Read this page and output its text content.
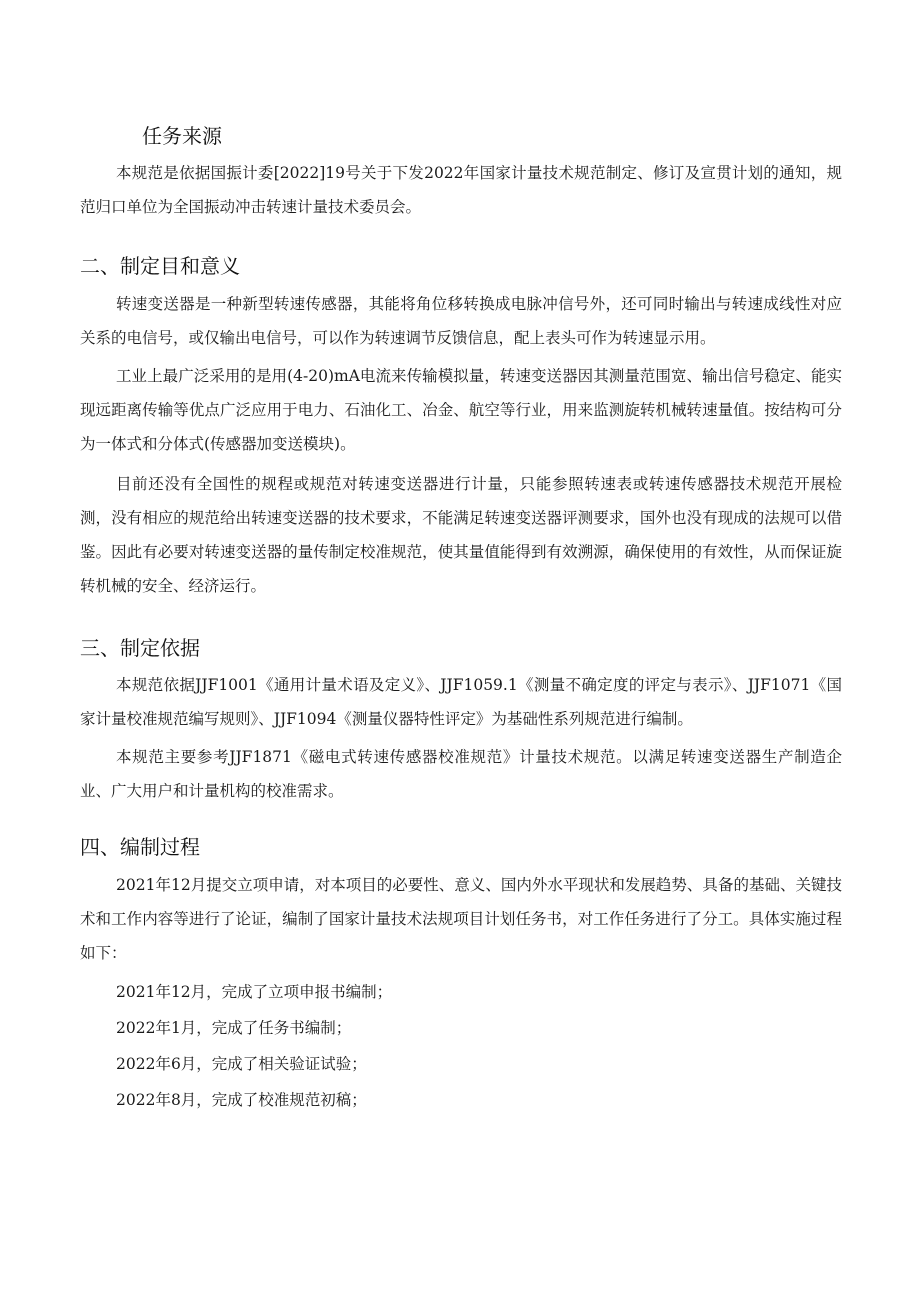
任务来源

本规范是依据国振计委[2022]19号关于下发2022年国家计量技术规范制定、修订及宣贯计划的通知，规范归口单位为全国振动冲击转速计量技术委员会。

二、制定目和意义

转速变送器是一种新型转速传感器，其能将角位移转换成电脉冲信号外，还可同时输出与转速成线性对应关系的电信号，或仅输出电信号，可以作为转速调节反馈信息，配上表头可作为转速显示用。

工业上最广泛采用的是用(4-20)mA电流来传输模拟量，转速变送器因其测量范围宽、输出信号稳定、能实现远距离传输等优点广泛应用于电力、石油化工、冶金、航空等行业，用来监测旋转机械转速量值。按结构可分为一体式和分体式(传感器加变送模块)。

目前还没有全国性的规程或规范对转速变送器进行计量，只能参照转速表或转速传感器技术规范开展检测，没有相应的规范给出转速变送器的技术要求，不能满足转速变送器评测要求，国外也没有现成的法规可以借鉴。因此有必要对转速变送器的量传制定校准规范，使其量值能得到有效溯源，确保使用的有效性，从而保证旋转机械的安全、经济运行。

三、制定依据

本规范依据JJF1001《通用计量术语及定义》、JJF1059.1《测量不确定度的评定与表示》、JJF1071《国家计量校准规范编写规则》、JJF1094《测量仪器特性评定》为基础性系列规范进行编制。

本规范主要参考JJF1871《磁电式转速传感器校准规范》计量技术规范。以满足转速变送器生产制造企业、广大用户和计量机构的校准需求。

四、编制过程

2021年12月提交立项申请，对本项目的必要性、意义、国内外水平现状和发展趋势、具备的基础、关键技术和工作内容等进行了论证，编制了国家计量技术法规项目计划任务书，对工作任务进行了分工。具体实施过程如下：

2021年12月，完成了立项申报书编制；

2022年1月，完成了任务书编制；

2022年6月，完成了相关验证试验；

2022年8月，完成了校准规范初稿；
